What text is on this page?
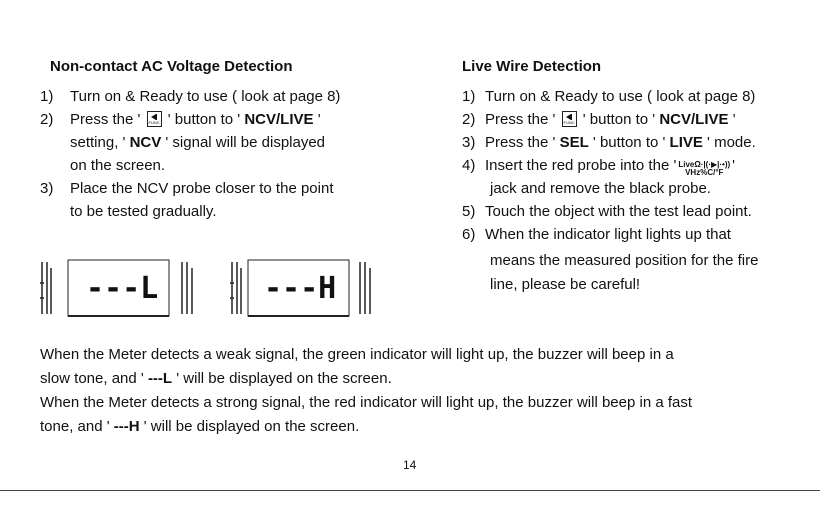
Non-contact AC Voltage Detection
1) Turn on & Ready to use ( look at page 8)
2) Press the ' FUNC ' button to ' NCV/LIVE '
setting, ' NCV ' signal will be displayed
on the screen.
3) Place the NCV probe closer to the point
to be tested gradually.
---L	---H
Live Wire Detection
1) Turn on & Ready to use ( look at page 8)
2) Press the ' FUNC ' button to ' NCV/LIVE '
3) Press the ' SEL ' button to ' LIVE ' mode.
4) Insert the red probe into the ' LiveΩ·|(·▶|·•))
VHz%C/°F '
jack and remove the black probe.
5) Touch the object with the test lead point.
6) When the indicator light lights up that
means the measured position for the fire
line, please be careful!
When the Meter detects a weak signal, the green indicator will light up, the buzzer will beep in a
slow tone, and ' ---L ' will be displayed on the screen.
When the Meter detects a strong signal, the red indicator will light up, the buzzer will beep in a fast
tone, and ' ---H ' will be displayed on the screen.
14
